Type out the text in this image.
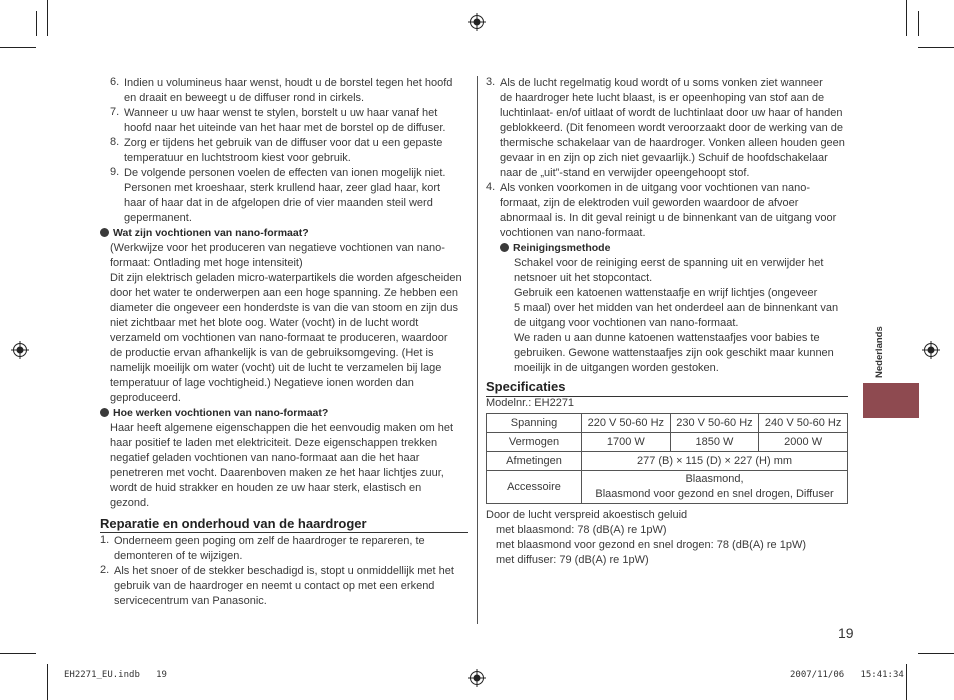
6. Indien u volumineus haar wenst, houdt u de borstel tegen het hoofd
en draait en beweegt u de diffuser rond in cirkels.
7. Wanneer u uw haar wenst te stylen, borstelt u uw haar vanaf het
hoofd naar het uiteinde van het haar met de borstel op de diffuser.
8. Zorg er tijdens het gebruik van de diffuser voor dat u een gepaste
temperatuur en luchtstroom kiest voor gebruik.
9. De volgende personen voelen de effecten van ionen mogelijk niet.
Personen met kroeshaar, sterk krullend haar, zeer glad haar, kort
haar of haar dat in de afgelopen drie of vier maanden steil werd
gepermanent.
Wat zijn vochtionen van nano-formaat?
(Werkwijze voor het produceren van negatieve vochtionen van nano-
formaat: Ontlading met hoge intensiteit)
Dit zijn elektrisch geladen micro-waterpartikels die worden afgescheiden
door het water te onderwerpen aan een hoge spanning. Ze hebben een
diameter die ongeveer een honderdste is van die van stoom en zijn dus
niet zichtbaar met het blote oog. Water (vocht) in de lucht wordt
verzameld om vochtionen van nano-formaat te produceren, waardoor
de productie ervan afhankelijk is van de gebruiksomgeving. (Het is
namelijk moeilijk om water (vocht) uit de lucht te verzamelen bij lage
temperatuur of lage vochtigheid.) Negatieve ionen worden dan
geproduceerd.
Hoe werken vochtionen van nano-formaat?
Haar heeft algemene eigenschappen die het eenvoudig maken om het
haar positief te laden met elektriciteit. Deze eigenschappen trekken
negatief geladen vochtionen van nano-formaat aan die het haar
penetreren met vocht. Daarenboven maken ze het haar lichtjes zuur,
wordt de huid strakker en houden ze uw haar sterk, elastisch en
gezond.
Reparatie en onderhoud van de haardroger
1. Onderneem geen poging om zelf de haardroger te repareren, te
demonteren of te wijzigen.
2. Als het snoer of de stekker beschadigd is, stopt u onmiddellijk met het
gebruik van de haardroger en neemt u contact op met een erkend
servicecentrum van Panasonic.
3. Als de lucht regelmatig koud wordt of u soms vonken ziet wanneer
de haardroger hete lucht blaast, is er opeenhoping van stof aan de
luchtinlaat- en/of uitlaat of wordt de luchtinlaat door uw haar of handen
geblokkeerd. (Dit fenomeen wordt veroorzaakt door de werking van de
thermische schakelaar van de haardroger. Vonken alleen houden geen
gevaar in en zijn op zich niet gevaarlijk.) Schuif de hoofdschakelaar
naar de „uit”-stand en verwijder opeengehoopt stof.
4. Als vonken voorkomen in de uitgang voor vochtionen van nano-
formaat, zijn de elektroden vuil geworden waardoor de afvoer
abnormaal is. In dit geval reinigt u de binnenkant van de uitgang voor
vochtionen van nano-formaat.
Reinigingsmethode
Schakel voor de reiniging eerst de spanning uit en verwijder het
netsnoer uit het stopcontact.
Gebruik een katoenen wattenstaafje en wrijf lichtjes (ongeveer
5 maal) over het midden van het onderdeel aan de binnenkant van
de uitgang voor vochtionen van nano-formaat.
We raden u aan dunne katoenen wattenstaafjes voor babies te
gebruiken. Gewone wattenstaafjes zijn ook geschikt maar kunnen
moeilijk in de uitgangen worden gestoken.
Specificaties
Modelnr.: EH2271
Spanning	220 V 50-60 Hz	230 V 50-60 Hz	240 V 50-60 Hz
Vermogen	1700 W	1850 W	2000 W
Afmetingen	277 (B) × 115 (D) × 227 (H) mm		
Accessoire	Blaasmond,
Blaasmond voor gezond en snel drogen, Diffuser		
Door de lucht verspreid akoestisch geluid
met blaasmond: 78 (dB(A) re 1pW)
met blaasmond voor gezond en snel drogen: 78 (dB(A) re 1pW)
met diffuser: 79 (dB(A) re 1pW)
Nederlands
19
EH2271_EU.indb   19	2007/11/06   15:41:34
